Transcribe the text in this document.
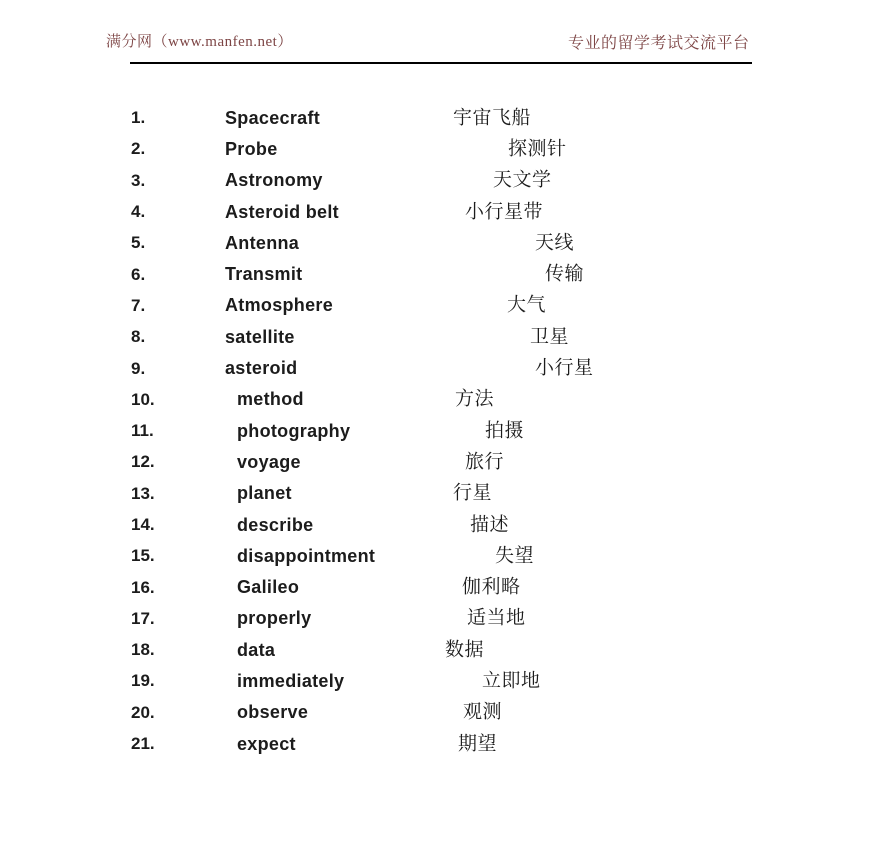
满分网（www.manfen.net）	专业的留学考试交流平台
1.	Spacecraft	宇宙飞船
2.	Probe	探测针
3.	Astronomy	天文学
4.	Asteroid belt	小行星带
5.	Antenna	天线
6.	Transmit	传输
7.	Atmosphere	大气
8.	satellite	卫星
9.	asteroid	小行星
10.	method	方法
11.	photography	拍摄
12.	voyage	旅行
13.	planet	行星
14.	describe	描述
15.	disappointment	失望
16.	Galileo	伽利略
17.	properly	适当地
18.	data	数据
19.	immediately	立即地
20.	observe	观测
21.	expect	期望
